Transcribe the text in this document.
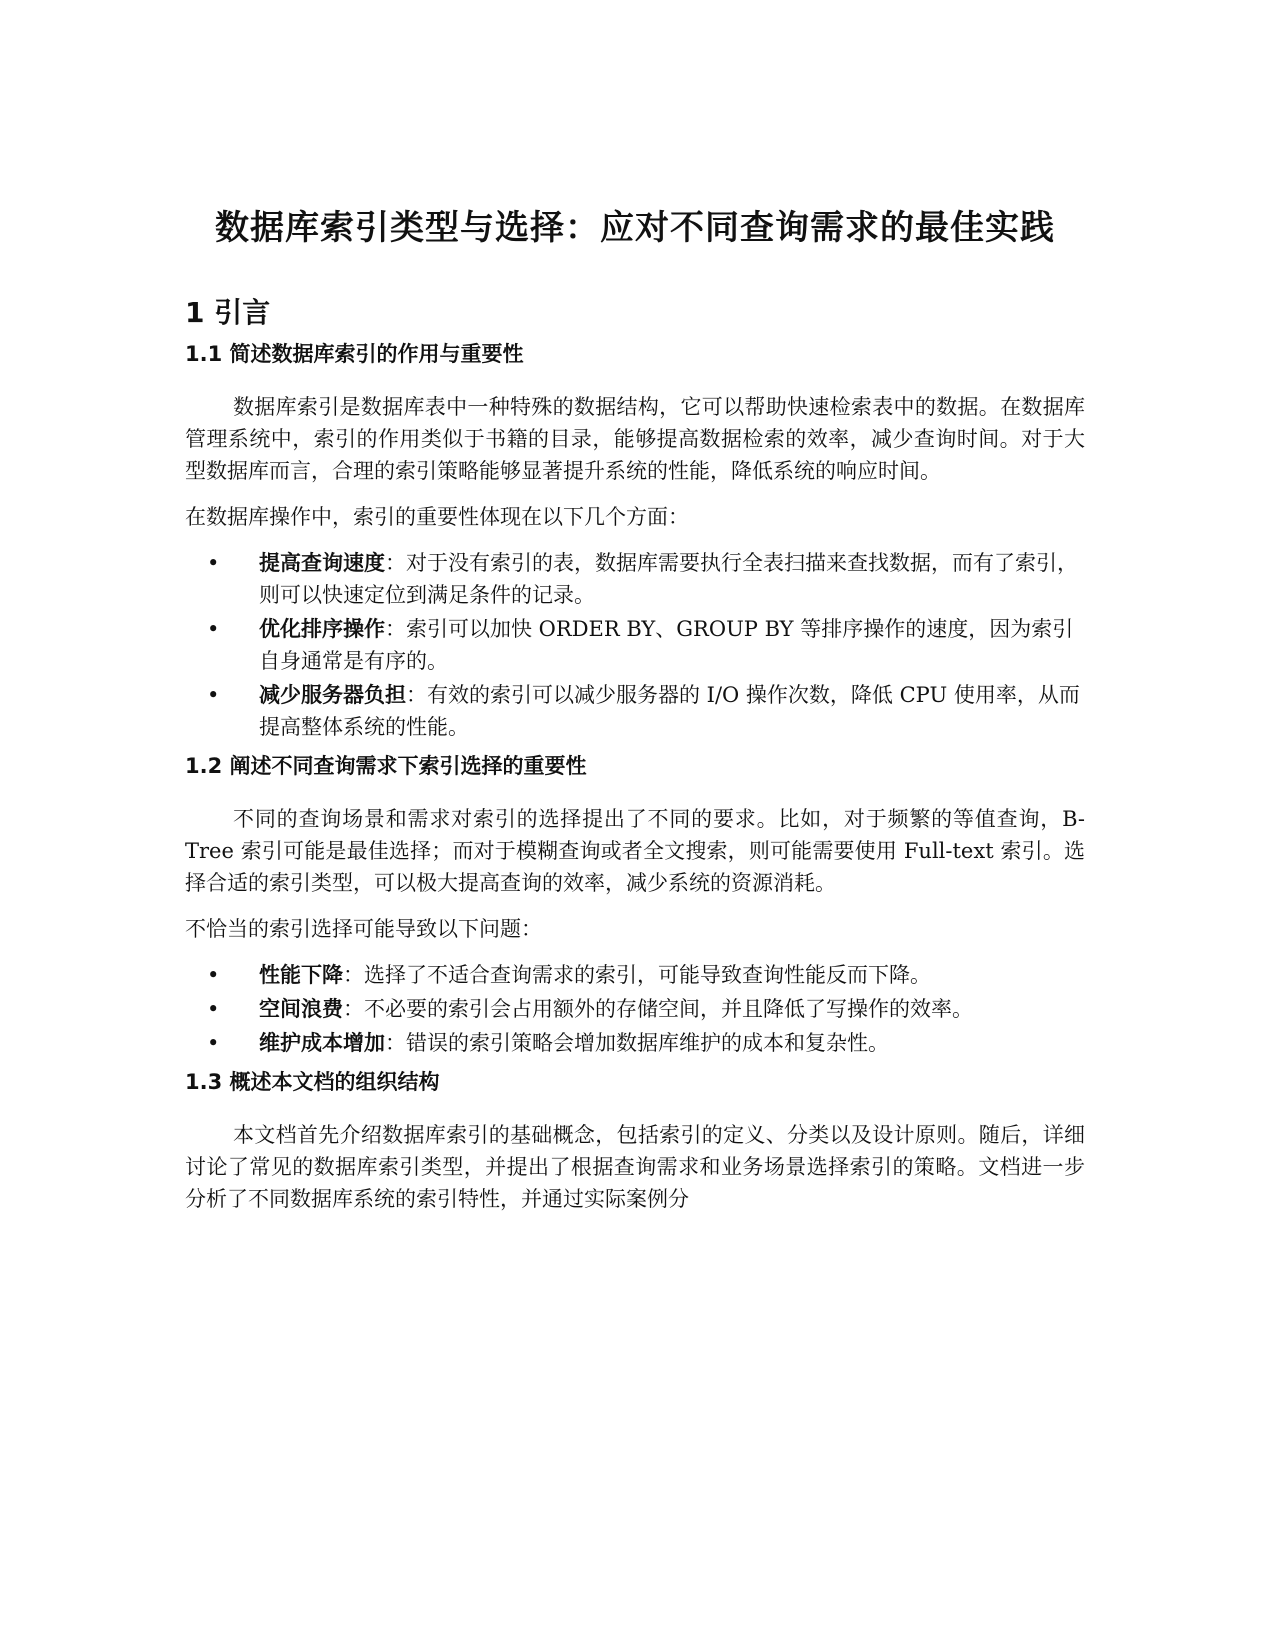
数据库索引类型与选择：应对不同查询需求的最佳实践
1 引言
1.1 简述数据库索引的作用与重要性

数据库索引是数据库表中一种特殊的数据结构，它可以帮助快速检索表中的数据。在数据库管理系统中，索引的作用类似于书籍的目录，能够提高数据检索的效率，减少查询时间。对于大型数据库而言，合理的索引策略能够显著提升系统的性能，降低系统的响应时间。

在数据库操作中，索引的重要性体现在以下几个方面：

• 提高查询速度：对于没有索引的表，数据库需要执行全表扫描来查找数据，而有了索引，则可以快速定位到满足条件的记录。
• 优化排序操作：索引可以加快 ORDER BY、GROUP BY 等排序操作的速度，因为索引自身通常是有序的。
• 减少服务器负担：有效的索引可以减少服务器的 I/O 操作次数，降低 CPU 使用率，从而提高整体系统的性能。
1.2 阐述不同查询需求下索引选择的重要性

不同的查询场景和需求对索引的选择提出了不同的要求。比如，对于频繁的等值查询，B-Tree 索引可能是最佳选择；而对于模糊查询或者全文搜索，则可能需要使用 Full-text 索引。选择合适的索引类型，可以极大提高查询的效率，减少系统的资源消耗。

不恰当的索引选择可能导致以下问题：

• 性能下降：选择了不适合查询需求的索引，可能导致查询性能反而下降。
• 空间浪费：不必要的索引会占用额外的存储空间，并且降低了写操作的效率。
• 维护成本增加：错误的索引策略会增加数据库维护的成本和复杂性。
1.3 概述本文档的组织结构

本文档首先介绍数据库索引的基础概念，包括索引的定义、分类以及设计原则。随后，详细讨论了常见的数据库索引类型，并提出了根据查询需求和业务场景选择索引的策略。文档进一步分析了不同数据库系统的索引特性，并通过实际案例分
